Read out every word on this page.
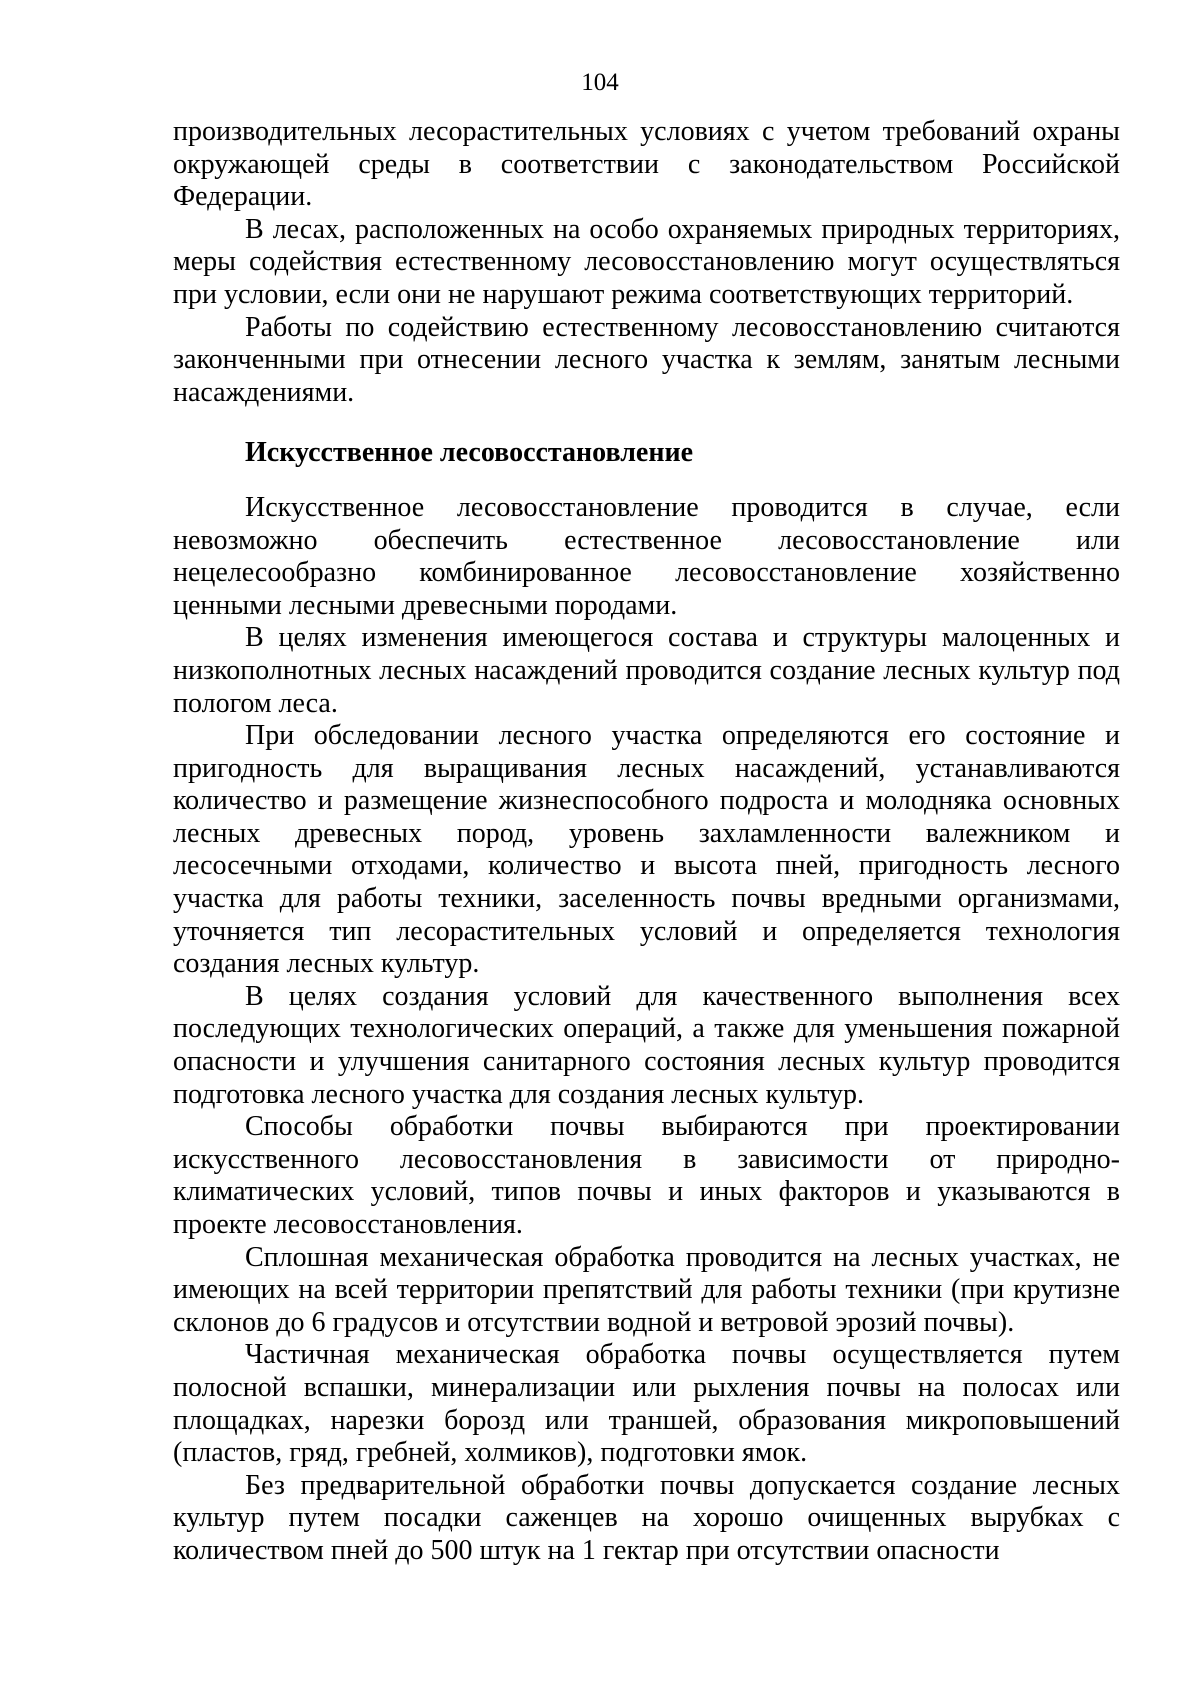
104

производительных лесорастительных условиях с учетом требований охраны окружающей среды в соответствии с законодательством Российской Федерации.

В лесах, расположенных на особо охраняемых природных территориях, меры содействия естественному лесовосстановлению могут осуществляться при условии, если они не нарушают режима соответствующих территорий.

Работы по содействию естественному лесовосстановлению считаются законченными при отнесении лесного участка к землям, занятым лесными насаждениями.

Искусственное лесовосстановление

Искусственное лесовосстановление проводится в случае, если невозможно обеспечить естественное лесовосстановление или нецелесообразно комбинированное лесовосстановление хозяйственно ценными лесными древесными породами.

В целях изменения имеющегося состава и структуры малоценных и низкополнотных лесных насаждений проводится создание лесных культур под пологом леса.

При обследовании лесного участка определяются его состояние и пригодность для выращивания лесных насаждений, устанавливаются количество и размещение жизнеспособного подроста и молодняка основных лесных древесных пород, уровень захламленности валежником и лесосечными отходами, количество и высота пней, пригодность лесного участка для работы техники, заселенность почвы вредными организмами, уточняется тип лесорастительных условий и определяется технология создания лесных культур.

В целях создания условий для качественного выполнения всех последующих технологических операций, а также для уменьшения пожарной опасности и улучшения санитарного состояния лесных культур проводится подготовка лесного участка для создания лесных культур.

Способы обработки почвы выбираются при проектировании искусственного лесовосстановления в зависимости от природно-климатических условий, типов почвы и иных факторов и указываются в проекте лесовосстановления.

Сплошная механическая обработка проводится на лесных участках, не имеющих на всей территории препятствий для работы техники (при крутизне склонов до 6 градусов и отсутствии водной и ветровой эрозий почвы).

Частичная механическая обработка почвы осуществляется путем полосной вспашки, минерализации или рыхления почвы на полосах или площадках, нарезки борозд или траншей, образования микроповышений (пластов, гряд, гребней, холмиков), подготовки ямок.

Без предварительной обработки почвы допускается создание лесных культур путем посадки саженцев на хорошо очищенных вырубках с количеством пней до 500 штук на 1 гектар при отсутствии опасности
